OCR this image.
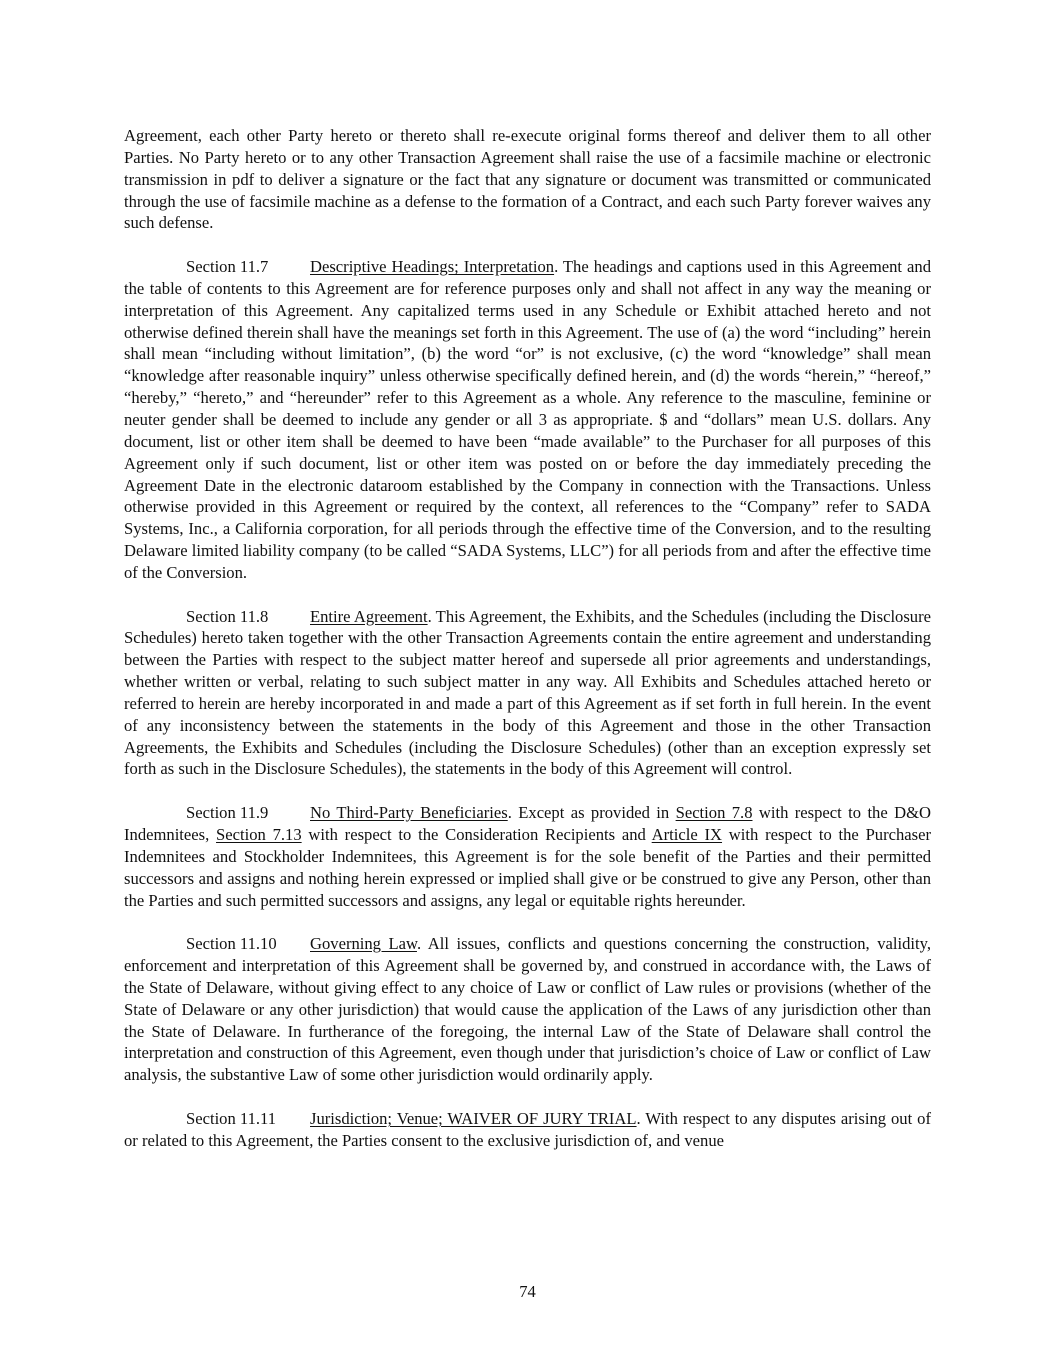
Agreement, each other Party hereto or thereto shall re-execute original forms thereof and deliver them to all other Parties. No Party hereto or to any other Transaction Agreement shall raise the use of a facsimile machine or electronic transmission in pdf to deliver a signature or the fact that any signature or document was transmitted or communicated through the use of facsimile machine as a defense to the formation of a Contract, and each such Party forever waives any such defense.

Section 11.7	Descriptive Headings; Interpretation. The headings and captions used in this Agreement and the table of contents to this Agreement are for reference purposes only and shall not affect in any way the meaning or interpretation of this Agreement. Any capitalized terms used in any Schedule or Exhibit attached hereto and not otherwise defined therein shall have the meanings set forth in this Agreement. The use of (a) the word “including” herein shall mean “including without limitation”, (b) the word “or” is not exclusive, (c) the word “knowledge” shall mean “knowledge after reasonable inquiry” unless otherwise specifically defined herein, and (d) the words “herein,” “hereof,” “hereby,” “hereto,” and “hereunder” refer to this Agreement as a whole. Any reference to the masculine, feminine or neuter gender shall be deemed to include any gender or all 3 as appropriate. $ and “dollars” mean U.S. dollars. Any document, list or other item shall be deemed to have been “made available” to the Purchaser for all purposes of this Agreement only if such document, list or other item was posted on or before the day immediately preceding the Agreement Date in the electronic dataroom established by the Company in connection with the Transactions. Unless otherwise provided in this Agreement or required by the context, all references to the “Company” refer to SADA Systems, Inc., a California corporation, for all periods through the effective time of the Conversion, and to the resulting Delaware limited liability company (to be called “SADA Systems, LLC”) for all periods from and after the effective time of the Conversion.

Section 11.8	Entire Agreement. This Agreement, the Exhibits, and the Schedules (including the Disclosure Schedules) hereto taken together with the other Transaction Agreements contain the entire agreement and understanding between the Parties with respect to the subject matter hereof and supersede all prior agreements and understandings, whether written or verbal, relating to such subject matter in any way. All Exhibits and Schedules attached hereto or referred to herein are hereby incorporated in and made a part of this Agreement as if set forth in full herein. In the event of any inconsistency between the statements in the body of this Agreement and those in the other Transaction Agreements, the Exhibits and Schedules (including the Disclosure Schedules) (other than an exception expressly set forth as such in the Disclosure Schedules), the statements in the body of this Agreement will control.

Section 11.9	No Third-Party Beneficiaries. Except as provided in Section 7.8 with respect to the D&O Indemnitees, Section 7.13 with respect to the Consideration Recipients and Article IX with respect to the Purchaser Indemnitees and Stockholder Indemnitees, this Agreement is for the sole benefit of the Parties and their permitted successors and assigns and nothing herein expressed or implied shall give or be construed to give any Person, other than the Parties and such permitted successors and assigns, any legal or equitable rights hereunder.

Section 11.10 Governing Law. All issues, conflicts and questions concerning the construction, validity, enforcement and interpretation of this Agreement shall be governed by, and construed in accordance with, the Laws of the State of Delaware, without giving effect to any choice of Law or conflict of Law rules or provisions (whether of the State of Delaware or any other jurisdiction) that would cause the application of the Laws of any jurisdiction other than the State of Delaware. In furtherance of the foregoing, the internal Law of the State of Delaware shall control the interpretation and construction of this Agreement, even though under that jurisdiction’s choice of Law or conflict of Law analysis, the substantive Law of some other jurisdiction would ordinarily apply.

Section 11.11 Jurisdiction; Venue; WAIVER OF JURY TRIAL. With respect to any disputes arising out of or related to this Agreement, the Parties consent to the exclusive jurisdiction of, and venue

74
